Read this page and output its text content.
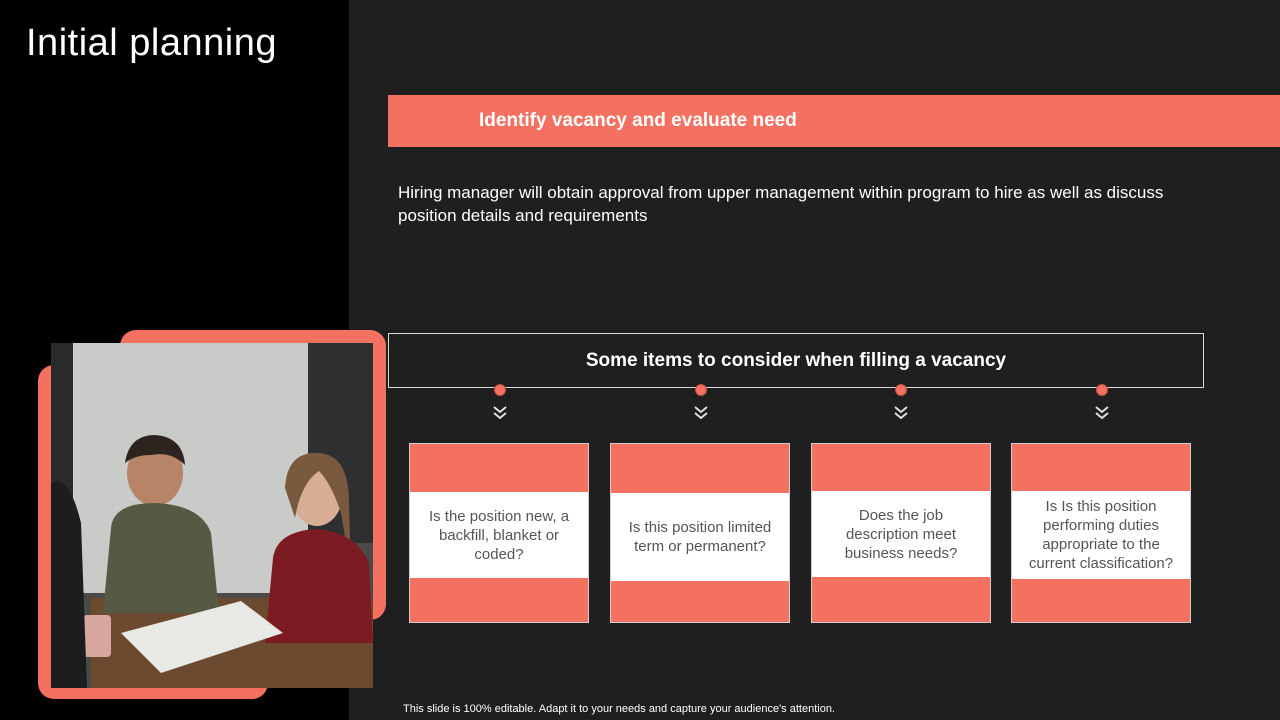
Initial planning
Identify vacancy and evaluate need

Hiring manager will obtain approval from upper management within program to hire as well as discuss position details and requirements

Some items to consider when filling a vacancy
Is the position new, a backfill, blanket or coded?
Is this position limited term or permanent?
Does the job description meet business needs?
Is Is this position performing duties appropriate to the current classification?
This slide is 100% editable. Adapt it to your needs and capture your audience's attention.
